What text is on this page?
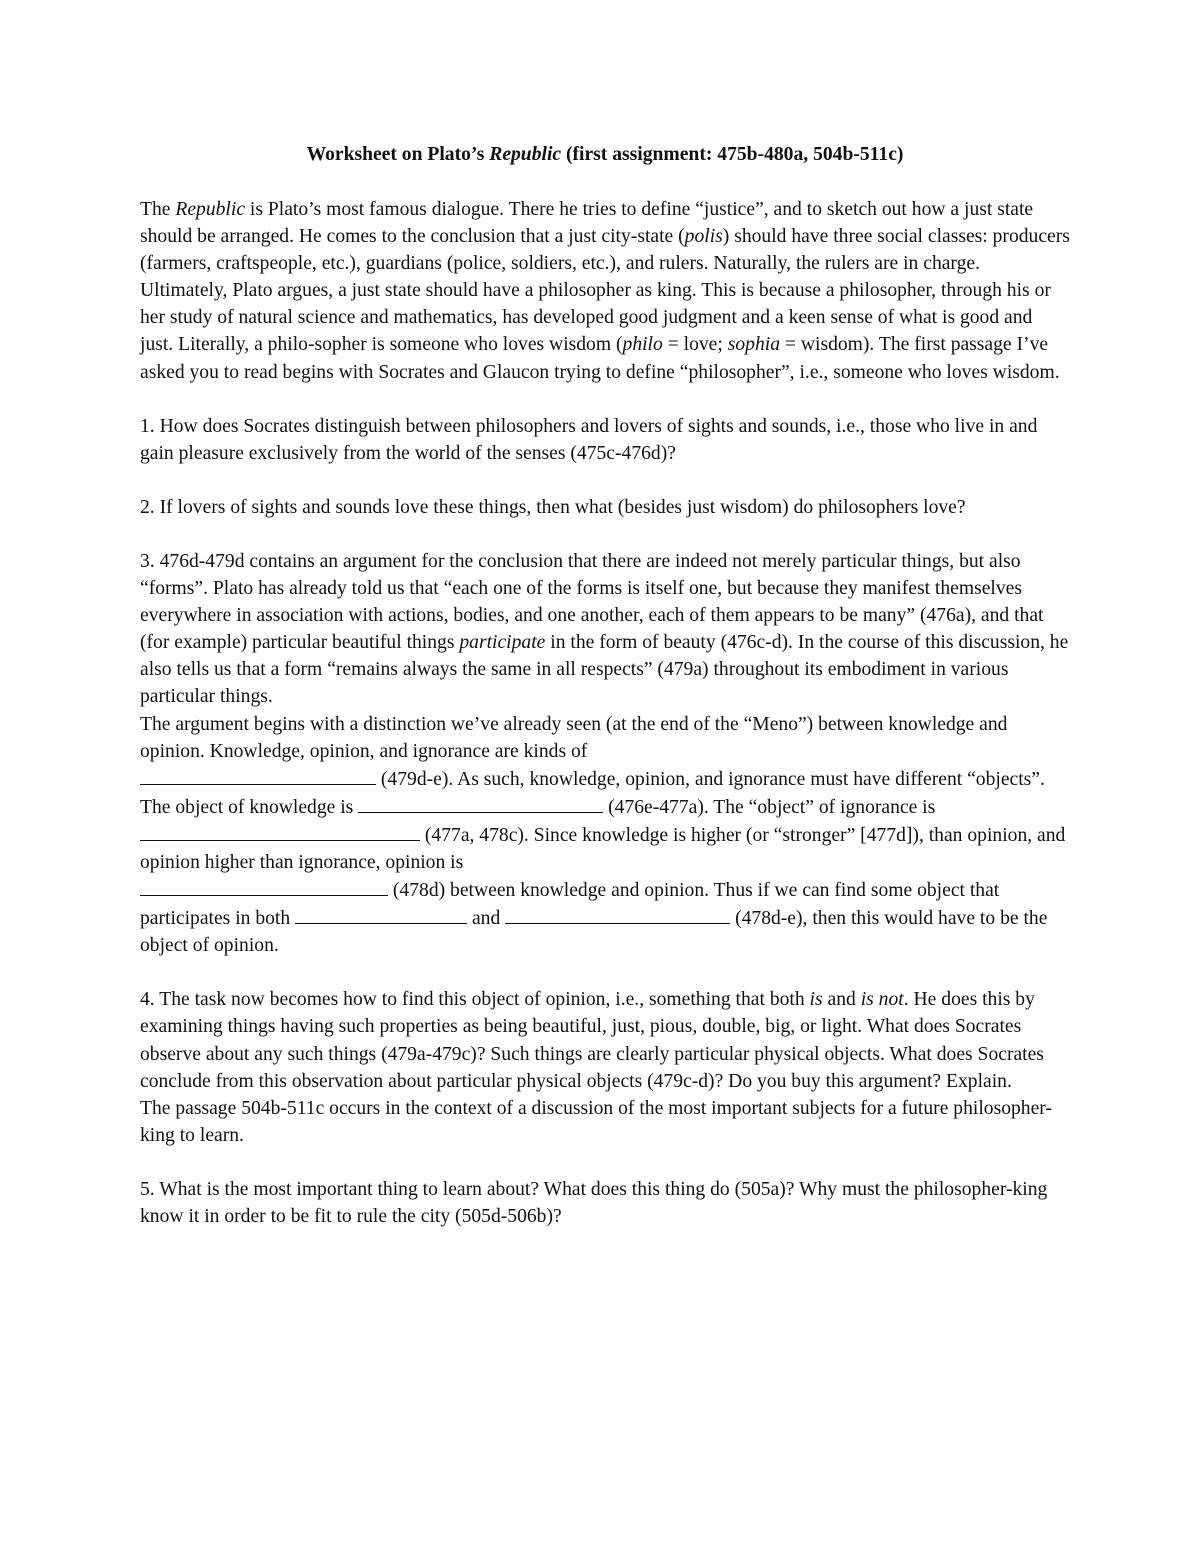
Worksheet on Plato’s Republic (first assignment: 475b-480a, 504b-511c)

The Republic is Plato’s most famous dialogue. There he tries to define “justice”, and to sketch out how a just state should be arranged. He comes to the conclusion that a just city-state (polis) should have three social classes: producers (farmers, craftspeople, etc.), guardians (police, soldiers, etc.), and rulers. Naturally, the rulers are in charge. Ultimately, Plato argues, a just state should have a philosopher as king. This is because a philosopher, through his or her study of natural science and mathematics, has developed good judgment and a keen sense of what is good and just. Literally, a philo-sopher is someone who loves wisdom (philo = love; sophia = wisdom). The first passage I’ve asked you to read begins with Socrates and Glaucon trying to define “philosopher”, i.e., someone who loves wisdom.

1. How does Socrates distinguish between philosophers and lovers of sights and sounds, i.e., those who live in and gain pleasure exclusively from the world of the senses (475c-476d)?

2. If lovers of sights and sounds love these things, then what (besides just wisdom) do philosophers love?

3. 476d-479d contains an argument for the conclusion that there are indeed not merely particular things, but also “forms”. Plato has already told us that “each one of the forms is itself one, but because they manifest themselves everywhere in association with actions, bodies, and one another, each of them appears to be many” (476a), and that (for example) particular beautiful things participate in the form of beauty (476c-d). In the course of this discussion, he also tells us that a form “remains always the same in all respects” (479a) throughout its embodiment in various particular things.

The argument begins with a distinction we’ve already seen (at the end of the “Meno”) between knowledge and opinion. Knowledge, opinion, and ignorance are kinds of
(479d-e). As such, knowledge, opinion, and ignorance must have different “objects”. The object of knowledge is	(476e-477a). The “object” of ignorance is  (477a, 478c). Since knowledge is higher (or “stronger” [477d]), than opinion, and opinion higher than ignorance, opinion is
(478d) between knowledge and opinion. Thus if we can find some object that participates in both	and	(478d-e), then this would have to be the object of opinion.

4. The task now becomes how to find this object of opinion, i.e., something that both is and is not. He does this by examining things having such properties as being beautiful, just, pious, double, big, or light. What does Socrates observe about any such things (479a-479c)? Such things are clearly particular physical objects. What does Socrates conclude from this observation about particular physical objects (479c-d)? Do you buy this argument? Explain.

The passage 504b-511c occurs in the context of a discussion of the most important subjects for a future philosopher-king to learn.

5. What is the most important thing to learn about? What does this thing do (505a)? Why must the philosopher-king know it in order to be fit to rule the city (505d-506b)?
